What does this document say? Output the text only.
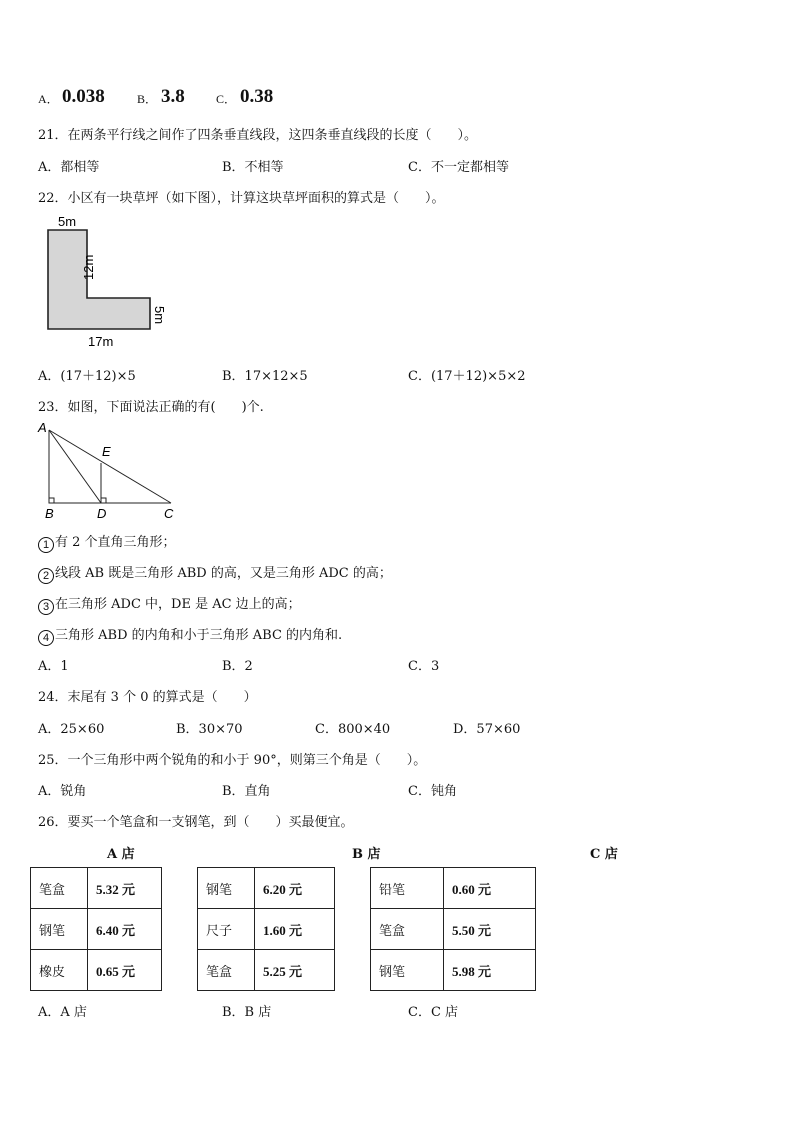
A． 0.038	B． 3.8	C． 0.38
21．在两条平行线之间作了四条垂直线段，这四条垂直线段的长度（　　）。
A．都相等	B．不相等	C．不一定都相等
22．小区有一块草坪（如下图），计算这块草坪面积的算式是（　　）。
5m
12m
5m
17m
A．(17＋12)×5	B．17×12×5	C．(17＋12)×5×2
23．如图，下面说法正确的有(　　)个.
A
B	D	C
E
1 有 2 个直角三角形；
2 线段 AB 既是三角形 ABD 的高，又是三角形 ADC 的高；
3 在三角形 ADC 中，DE 是 AC 边上的高；
4 三角形 ABD 的内角和小于三角形 ABC 的内角和.
A．1	B．2	C．3
24．末尾有 3 个 0 的算式是（　　）
A．25×60	B．30×70	C．800×40	D．57×60
25．一个三角形中两个锐角的和小于 90°，则第三个角是（　　）。
A．锐角	B．直角	C．钝角
26．要买一个笔盒和一支钢笔，到（　　）买最便宜。
A 店	B 店	C 店
笔盒	5.32 元
钢笔	6.40 元
橡皮	0.65 元
钢笔	6.20 元
尺子	1.60 元
笔盒	5.25 元
铅笔	0.60 元
笔盒	5.50 元
钢笔	5.98 元
A．A 店	B．B 店	C．C 店
